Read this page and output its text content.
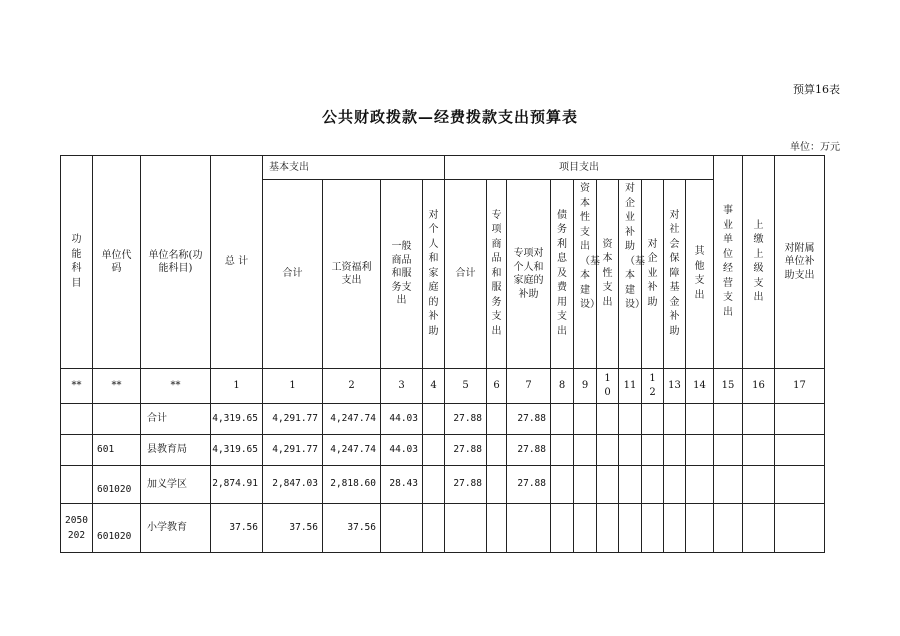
预算16表
公共财政拨款—经费拨款支出预算表
单位：万元
功能科目	单位代码	单位名称(功能科目)	总 计	基本支出				项目支出										事业单位经营支出	上缴上级支出	对附属单位补助支出
				合计	工资福利支出	一般商品和服务支出	对个人和家庭的补助	合计	专项商品和服务支出	专项对个人和家庭的补助	债务利息及费用支出	资本性支出（基本建设）	资本性支出	对企业补助（基本建设）	对企业补助	对社会保障基金补助	其他支出			
**	**	**	1	1	2	3	4	5	6	7	8	9	10	11	12	13	14	15	16	17
		合计	4,319.65	4,291.77	4,247.74	44.03		27.88		27.88										
	601	县教育局	4,319.65	4,291.77	4,247.74	44.03		27.88		27.88										
	601020	加义学区	2,874.91	2,847.03	2,818.60	28.43		27.88		27.88										
2050202	601020	小学教育	37.56	37.56	37.56															
